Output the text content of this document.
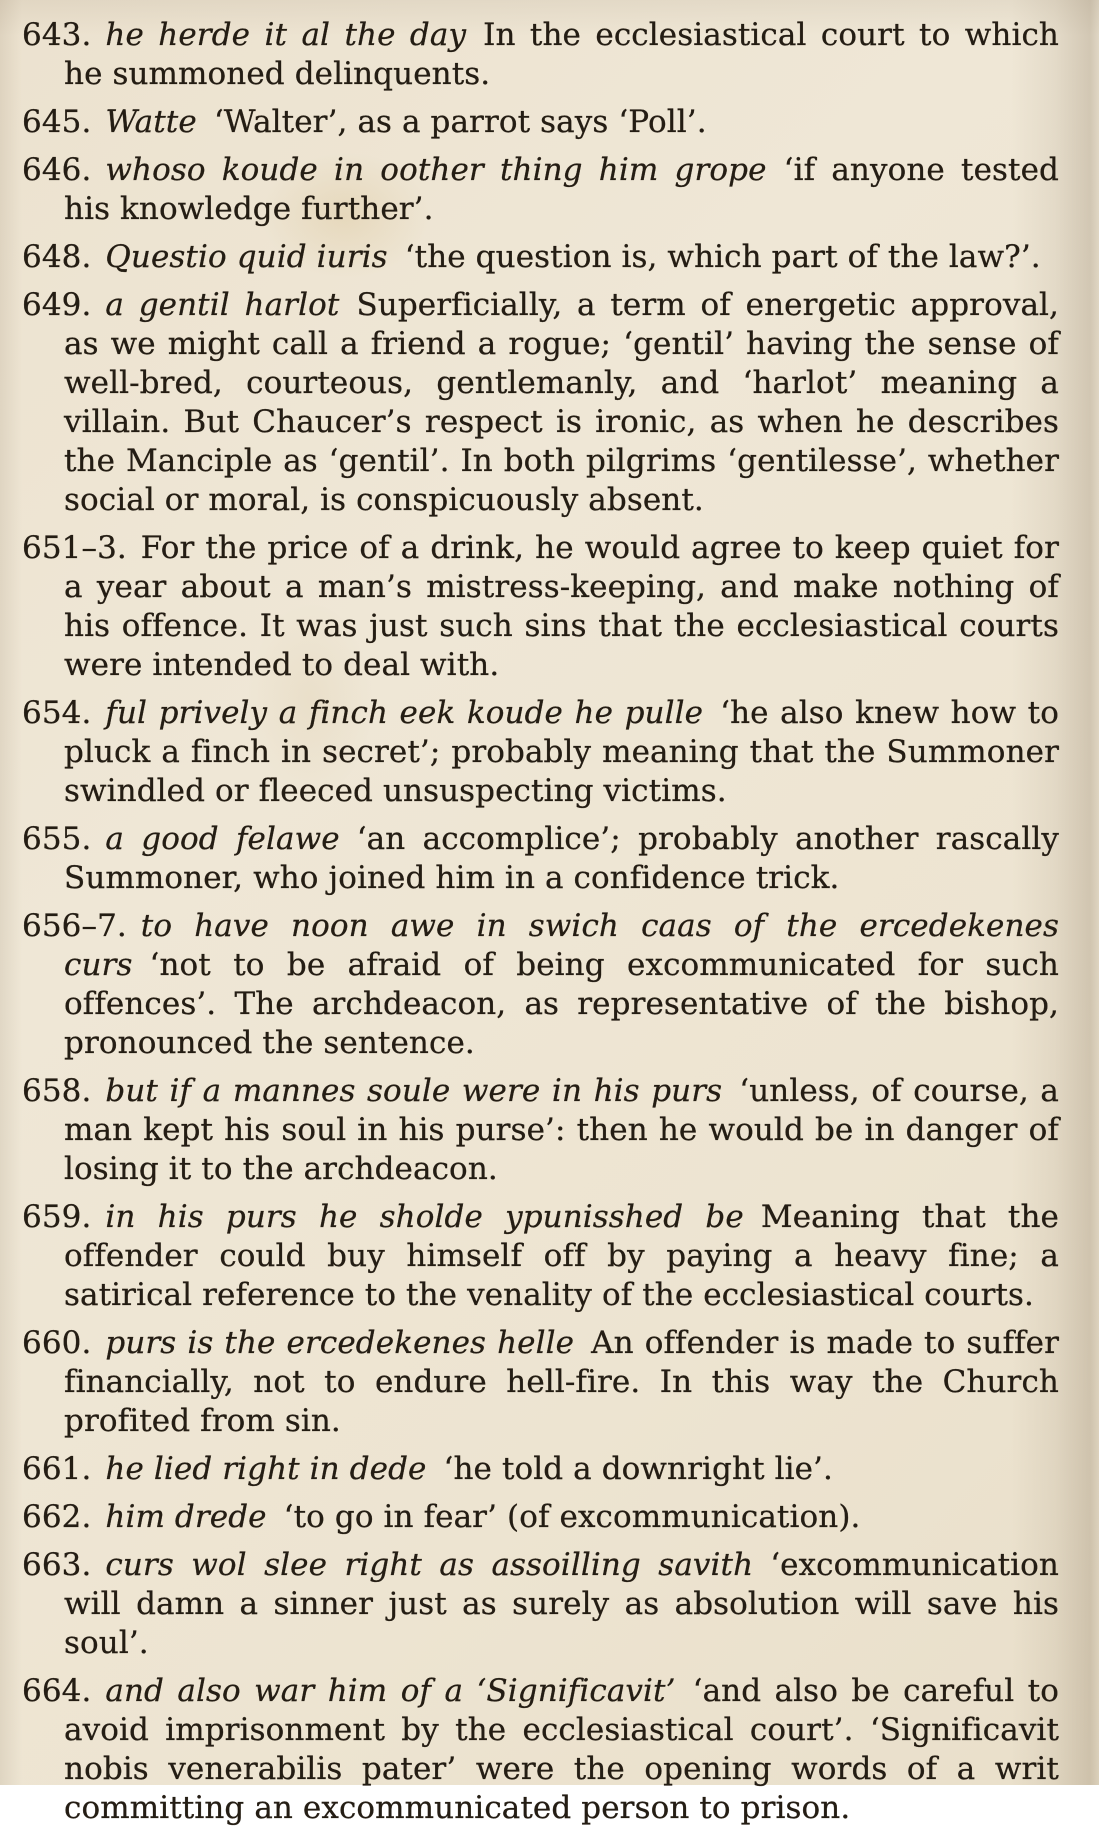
643. he herde it al the day In the ecclesiastical court to which he summoned delinquents.

645. Watte ‘Walter’, as a parrot says ‘Poll’.

646. whoso koude in oother thing him grope ‘if anyone tested his knowledge further’.

648. Questio quid iuris ‘the question is, which part of the law?’.

649. a gentil harlot Superficially, a term of energetic approval, as we might call a friend a rogue; ‘gentil’ having the sense of well-bred, courteous, gentlemanly, and ‘harlot’ meaning a villain. But Chaucer’s respect is ironic, as when he describes the Manciple as ‘gentil’. In both pilgrims ‘gentilesse’, whether social or moral, is conspicuously absent.

651–3. For the price of a drink, he would agree to keep quiet for a year about a man’s mistress-keeping, and make nothing of his offence. It was just such sins that the ecclesiastical courts were intended to deal with.

654. ful prively a finch eek koude he pulle ‘he also knew how to pluck a finch in secret’; probably meaning that the Summoner swindled or fleeced unsuspecting victims.

655. a good felawe ‘an accomplice’; probably another rascally Summoner, who joined him in a confidence trick.

656–7. to have noon awe in swich caas of the ercedekenes curs ‘not to be afraid of being excommunicated for such offences’. The archdeacon, as representative of the bishop, pronounced the sentence.

658. but if a mannes soule were in his purs ‘unless, of course, a man kept his soul in his purse’: then he would be in danger of losing it to the archdeacon.

659. in his purs he sholde ypunisshed be Meaning that the offender could buy himself off by paying a heavy fine; a satirical reference to the venality of the ecclesiastical courts.

660. purs is the ercedekenes helle An offender is made to suffer financially, not to endure hell-fire. In this way the Church profited from sin.

661. he lied right in dede ‘he told a downright lie’.

662. him drede ‘to go in fear’ (of excommunication).

663. curs wol slee right as assoilling savith ‘excommunication will damn a sinner just as surely as absolution will save his soul’.

664. and also war him of a ‘Significavit’ ‘and also be careful to avoid imprisonment by the ecclesiastical court’. ‘Significavit nobis venerabilis pater’ were the opening words of a writ committing an excommunicated person to prison.
